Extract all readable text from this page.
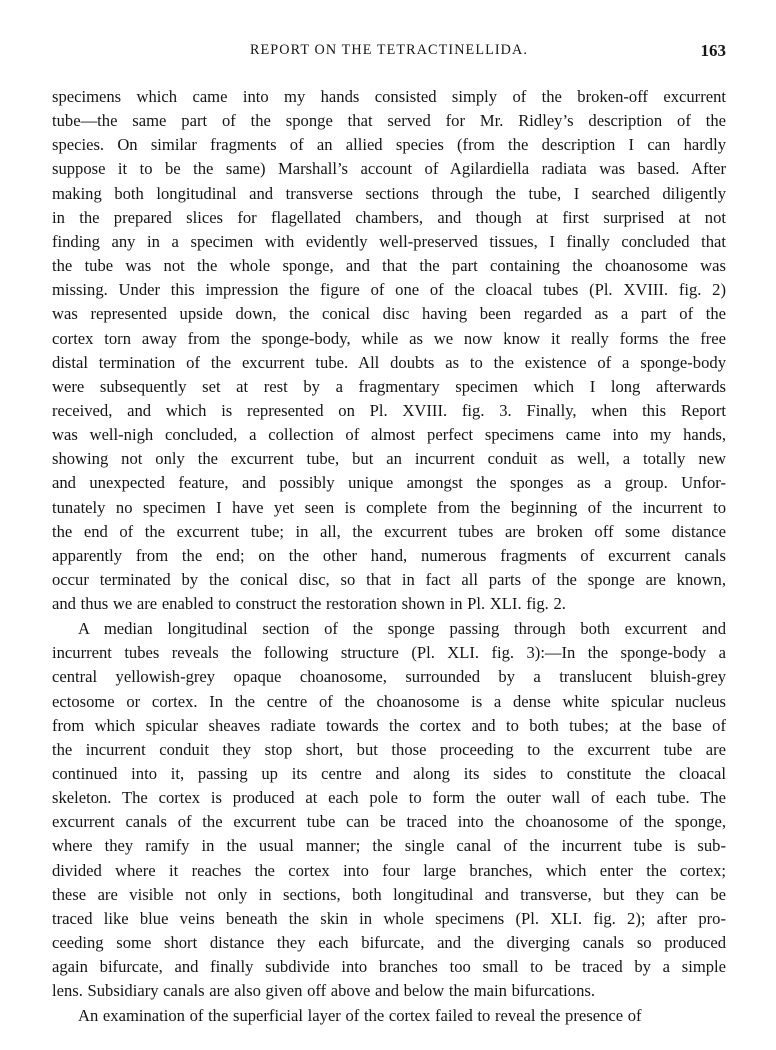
REPORT ON THE TETRACTINELLIDA.	163
specimens which came into my hands consisted simply of the broken-off excurrent
tube—the same part of the sponge that served for Mr. Ridley’s description of the
species. On similar fragments of an allied species (from the description I can hardly
suppose it to be the same) Marshall’s account of Agilardiella radiata was based. After
making both longitudinal and transverse sections through the tube, I searched diligently
in the prepared slices for flagellated chambers, and though at first surprised at not
finding any in a specimen with evidently well-preserved tissues, I finally concluded that
the tube was not the whole sponge, and that the part containing the choanosome was
missing. Under this impression the figure of one of the cloacal tubes (Pl. XVIII. fig. 2)
was represented upside down, the conical disc having been regarded as a part of the
cortex torn away from the sponge-body, while as we now know it really forms the free
distal termination of the excurrent tube. All doubts as to the existence of a sponge-body
were subsequently set at rest by a fragmentary specimen which I long afterwards
received, and which is represented on Pl. XVIII. fig. 3. Finally, when this Report
was well-nigh concluded, a collection of almost perfect specimens came into my hands,
showing not only the excurrent tube, but an incurrent conduit as well, a totally new
and unexpected feature, and possibly unique amongst the sponges as a group. Unfor-
tunately no specimen I have yet seen is complete from the beginning of the incurrent to
the end of the excurrent tube; in all, the excurrent tubes are broken off some distance
apparently from the end; on the other hand, numerous fragments of excurrent canals
occur terminated by the conical disc, so that in fact all parts of the sponge are known,
and thus we are enabled to construct the restoration shown in Pl. XLI. fig. 2.
A median longitudinal section of the sponge passing through both excurrent and
incurrent tubes reveals the following structure (Pl. XLI. fig. 3):—In the sponge-body a
central yellowish-grey opaque choanosome, surrounded by a translucent bluish-grey
ectosome or cortex. In the centre of the choanosome is a dense white spicular nucleus
from which spicular sheaves radiate towards the cortex and to both tubes; at the base of
the incurrent conduit they stop short, but those proceeding to the excurrent tube are
continued into it, passing up its centre and along its sides to constitute the cloacal
skeleton. The cortex is produced at each pole to form the outer wall of each tube. The
excurrent canals of the excurrent tube can be traced into the choanosome of the sponge,
where they ramify in the usual manner; the single canal of the incurrent tube is sub-
divided where it reaches the cortex into four large branches, which enter the cortex;
these are visible not only in sections, both longitudinal and transverse, but they can be
traced like blue veins beneath the skin in whole specimens (Pl. XLI. fig. 2); after pro-
ceeding some short distance they each bifurcate, and the diverging canals so produced
again bifurcate, and finally subdivide into branches too small to be traced by a simple
lens. Subsidiary canals are also given off above and below the main bifurcations.
An examination of the superficial layer of the cortex failed to reveal the presence of
